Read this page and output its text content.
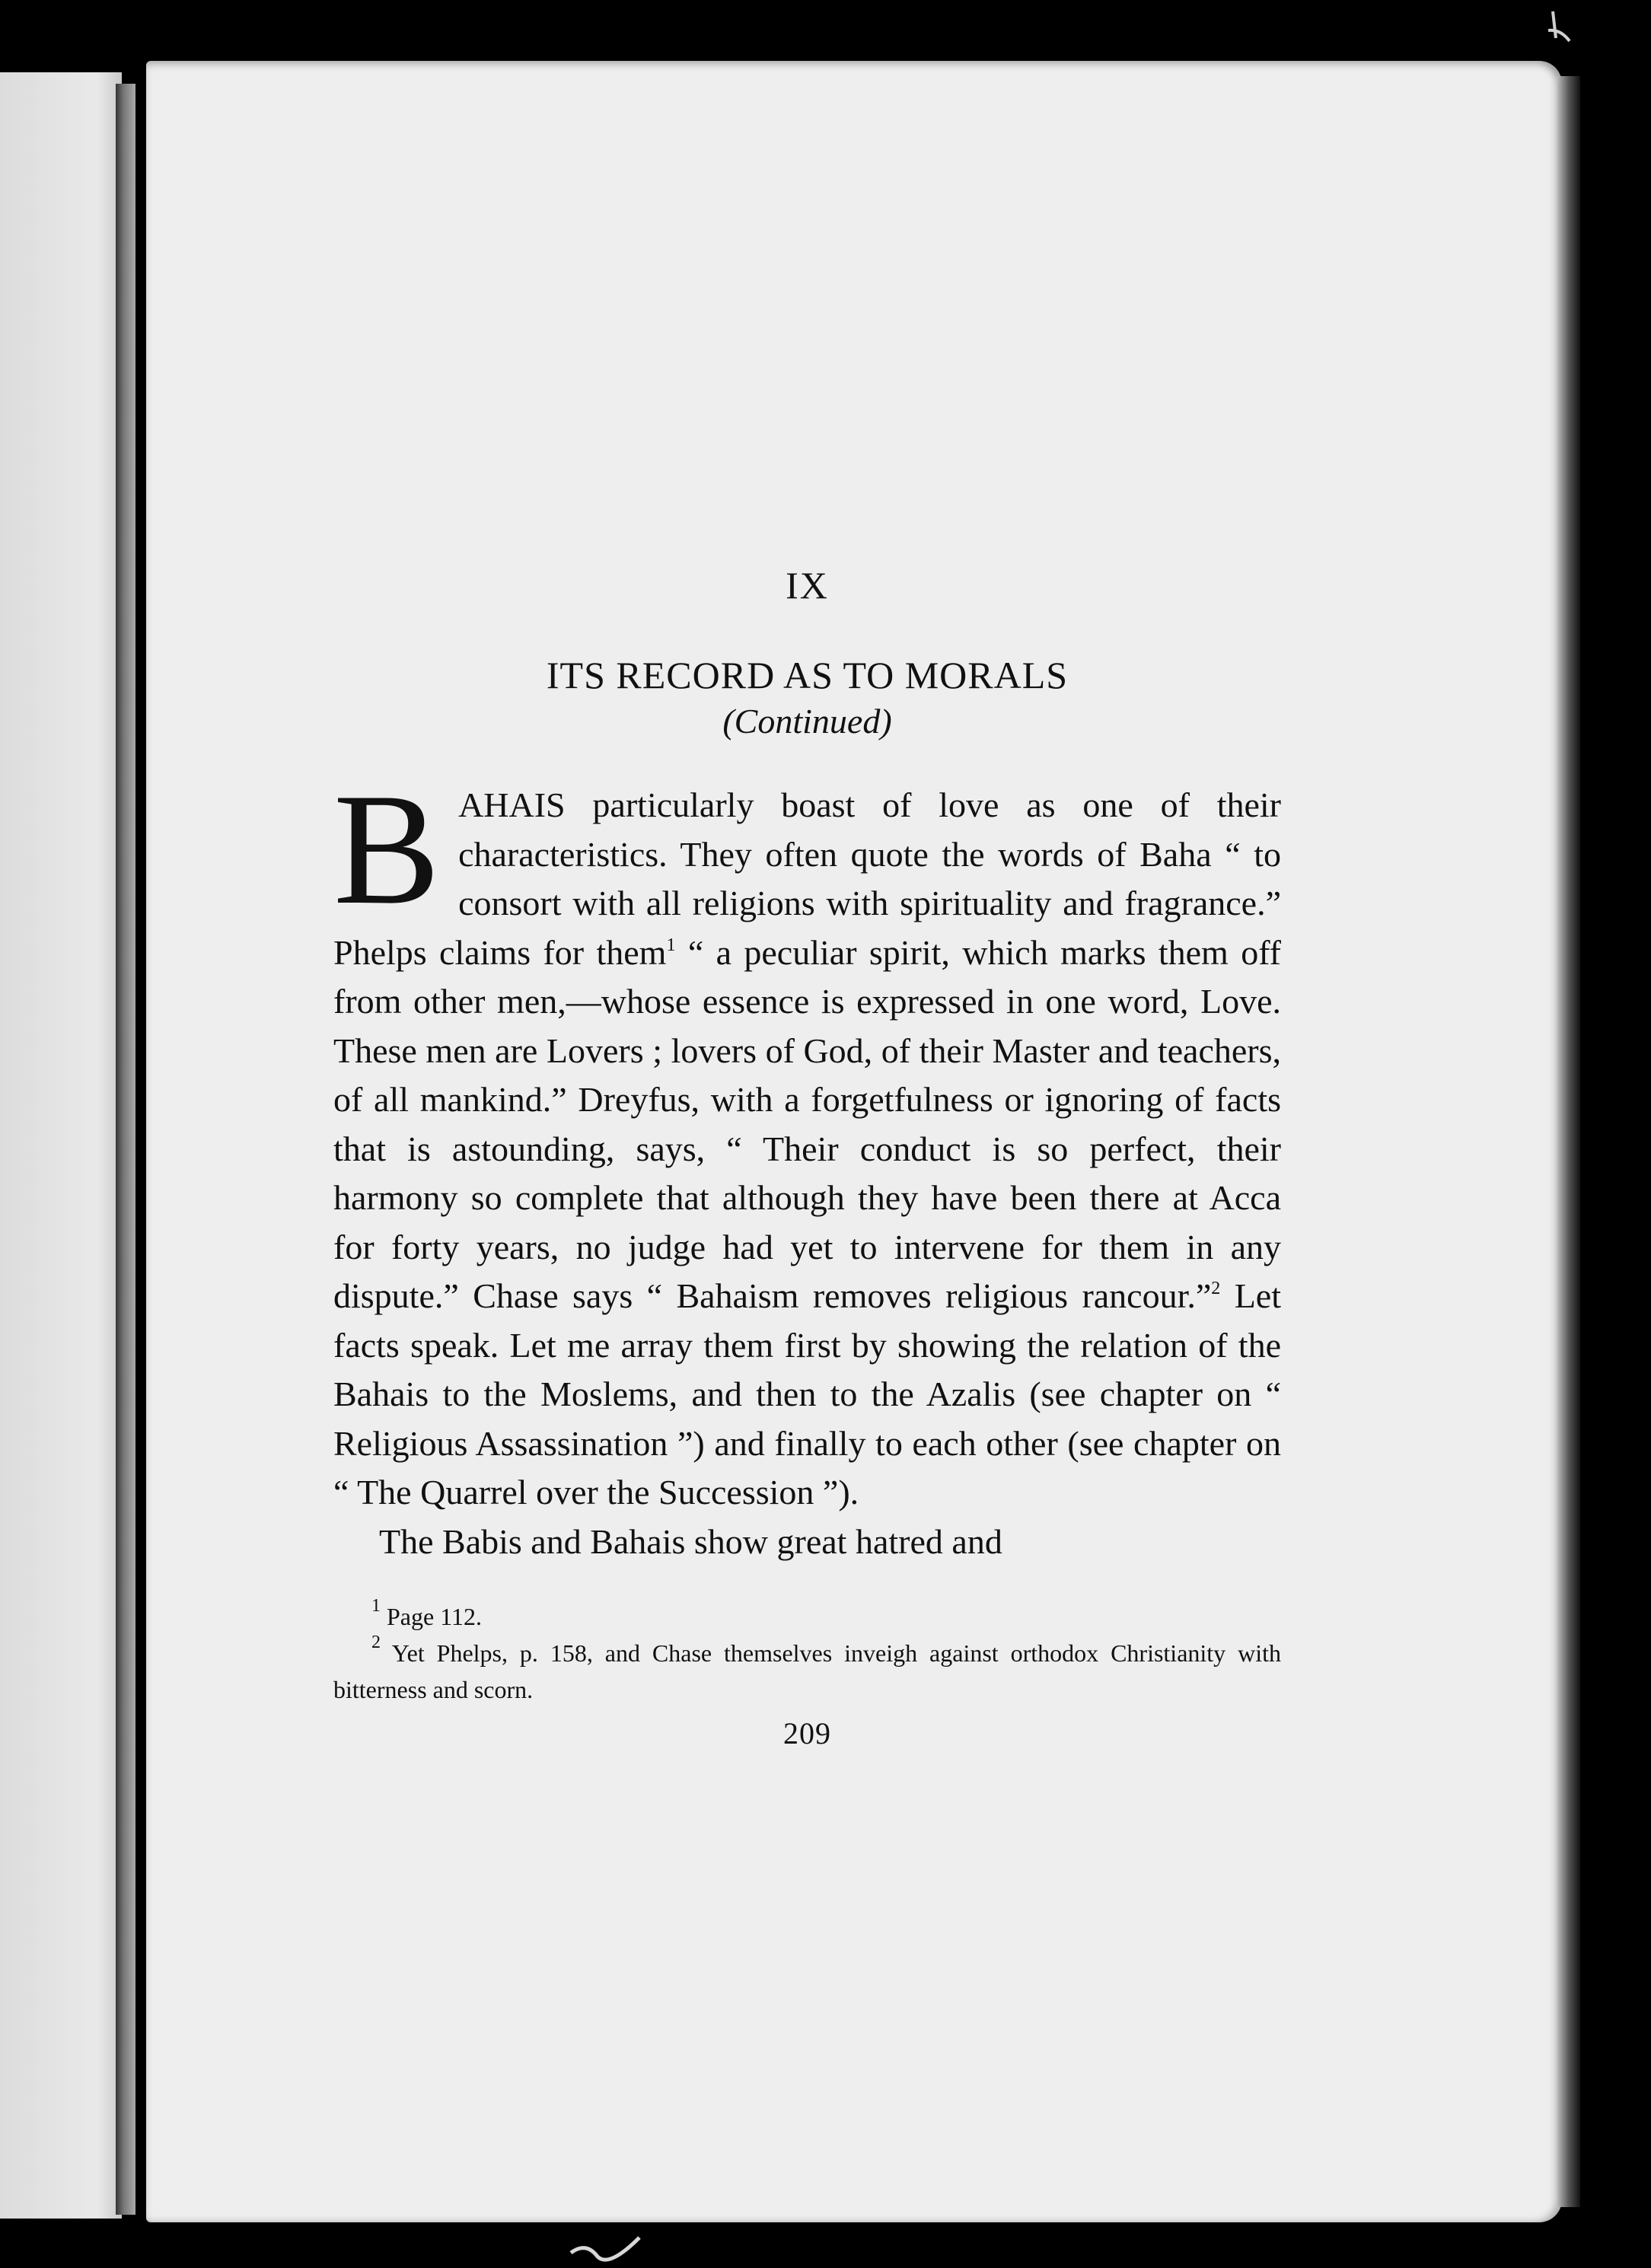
IX
ITS RECORD AS TO MORALS
(Continued)

BAHAIS particularly boast of love as one of their characteristics. They often quote the words of Baha “ to consort with all religions with spirituality and fragrance.” Phelps claims for them$^1$ “ a peculiar spirit, which marks them off from other men,—whose essence is expressed in one word, Love. These men are Lovers ; lovers of God, of their Master and teachers, of all mankind.” Dreyfus, with a forgetfulness or ignoring of facts that is astounding, says, “ Their conduct is so perfect, their harmony so complete that although they have been there at Acca for forty years, no judge had yet to intervene for them in any dispute.” Chase says “ Bahaism removes religious rancour.”$^2$ Let facts speak. Let me array them first by showing the relation of the Bahais to the Moslems, and then to the Azalis (see chapter on “ Religious Assassination ”) and finally to each other (see chapter on “ The Quarrel over the Succession ”).

The Babis and Bahais show great hatred and

$^1$ Page 112.

$^2$ Yet Phelps, p. 158, and Chase themselves inveigh against orthodox Christianity with bitterness and scorn.

209
